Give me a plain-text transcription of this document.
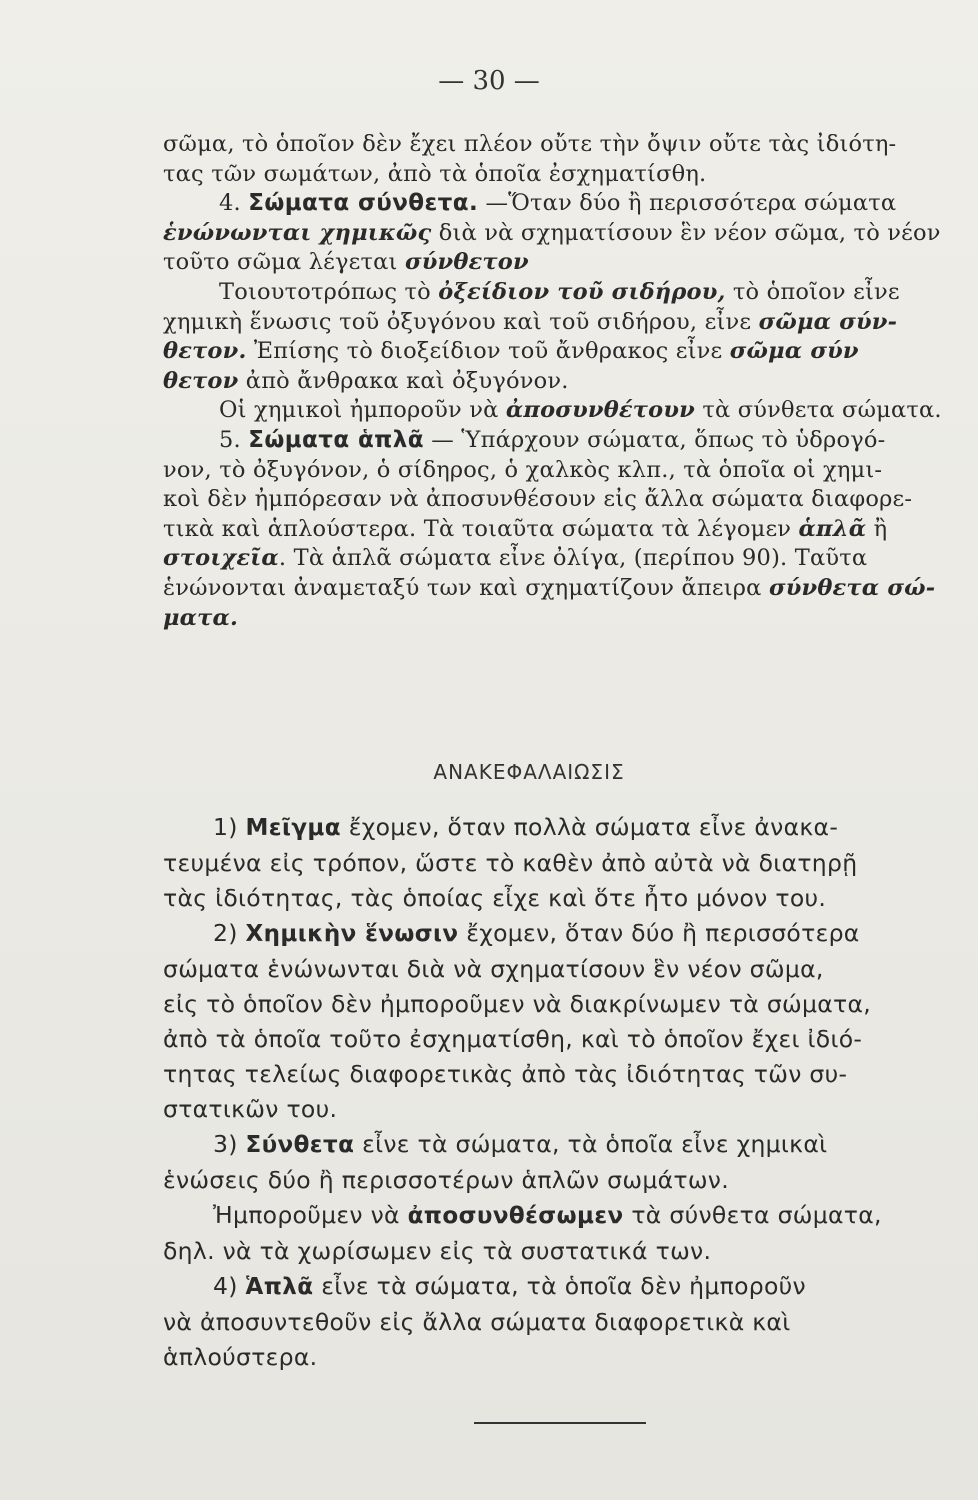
— 30 —
σῶμα, τὸ ὁποῖον δὲν ἔχει πλέον οὔτε τὴν ὄψιν οὔτε τὰς ἰδιότη-
τας τῶν σωμάτων, ἀπὸ τὰ ὁποῖα ἐσχηματίσθη.
4. Σώματα σύνθετα. —Ὅταν δύο ἢ περισσότερα σώματα
ἑνώνωνται χημικῶς διὰ νὰ σχηματίσουν ἓν νέον σῶμα, τὸ νέον
τοῦτο σῶμα λέγεται σύνθετον
Τοιουτοτρόπως τὸ ὀξείδιον τοῦ σιδήρου, τὸ ὁποῖον εἶνε
χημικὴ ἕνωσις τοῦ ὀξυγόνου καὶ τοῦ σιδήρου, εἶνε σῶμα σύν-
θετον. Ἐπίσης τὸ διοξείδιον τοῦ ἄνθρακος εἶνε σῶμα σύν
θετον ἀπὸ ἄνθρακα καὶ ὀξυγόνον.
Οἱ χημικοὶ ἠμποροῦν νὰ ἀποσυνθέτουν τὰ σύνθετα σώματα.
5. Σώματα ἁπλᾶ — Ὑπάρχουν σώματα, ὅπως τὸ ὑδρογό-
νον, τὸ ὀξυγόνον, ὁ σίδηρος, ὁ χαλκὸς κλπ., τὰ ὁποῖα οἱ χημι-
κοὶ δὲν ἠμπόρεσαν νὰ ἀποσυνθέσουν εἰς ἄλλα σώματα διαφορε-
τικὰ καὶ ἁπλούστερα. Τὰ τοιαῦτα σώματα τὰ λέγομεν ἁπλᾶ ἢ
στοιχεῖα. Τὰ ἁπλᾶ σώματα εἶνε ὀλίγα, (περίπου 90). Ταῦτα
ἑνώνονται ἀναμεταξύ των καὶ σχηματίζουν ἄπειρα σύνθετα σώ-
ματα.
ΑΝΑΚΕΦΑΛΑΙΩΣΙΣ
1) Μεῖγμα ἔχομεν, ὅταν πολλὰ σώματα εἶνε ἀνακα-
τευμένα εἰς τρόπον, ὥστε τὸ καθὲν ἀπὸ αὐτὰ νὰ διατηρῇ
τὰς ἰδιότητας, τὰς ὁποίας εἶχε καὶ ὅτε ἦτο μόνον του.
2) Χημικὴν ἕνωσιν ἔχομεν, ὅταν δύο ἢ περισσότερα
σώματα ἑνώνωνται διὰ νὰ σχηματίσουν ἓν νέον σῶμα,
εἰς τὸ ὁποῖον δὲν ἠμποροῦμεν νὰ διακρίνωμεν τὰ σώματα,
ἀπὸ τὰ ὁποῖα τοῦτο ἐσχηματίσθη, καὶ τὸ ὁποῖον ἔχει ἰδιό-
τητας τελείως διαφορετικὰς ἀπὸ τὰς ἰδιότητας τῶν συ-
στατικῶν του.
3) Σύνθετα εἶνε τὰ σώματα, τὰ ὁποῖα εἶνε χημικαὶ
ἑνώσεις δύο ἢ περισσοτέρων ἁπλῶν σωμάτων.
Ἠμποροῦμεν νὰ ἀποσυνθέσωμεν τὰ σύνθετα σώματα,
δηλ. νὰ τὰ χωρίσωμεν εἰς τὰ συστατικά των.
4) Ἁπλᾶ εἶνε τὰ σώματα, τὰ ὁποῖα δὲν ἠμποροῦν
νὰ ἀποσυντεθοῦν εἰς ἄλλα σώματα διαφορετικὰ καὶ
ἁπλούστερα.
